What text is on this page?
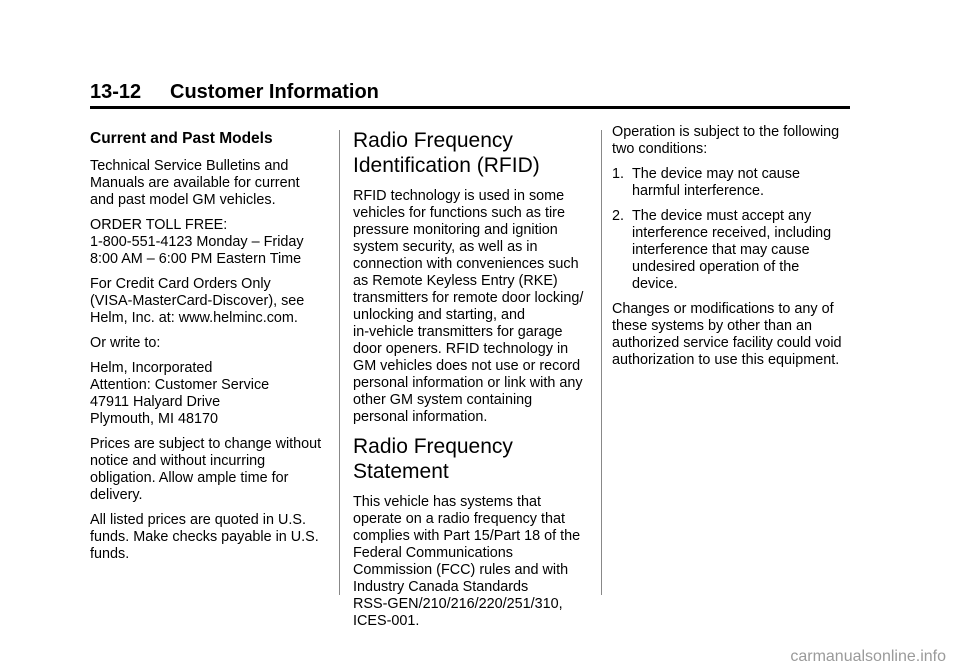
13-12 Customer Information
Current and Past Models

Technical Service Bulletins and
Manuals are available for current
and past model GM vehicles.

ORDER TOLL FREE:
1-800-551-4123 Monday – Friday
8:00 AM – 6:00 PM Eastern Time

For Credit Card Orders Only
(VISA-MasterCard-Discover), see
Helm, Inc. at: www.helminc.com.

Or write to:

Helm, Incorporated
Attention: Customer Service
47911 Halyard Drive
Plymouth, MI 48170

Prices are subject to change without
notice and without incurring
obligation. Allow ample time for
delivery.

All listed prices are quoted in U.S.
funds. Make checks payable in U.S.
funds.

Radio Frequency
Identification (RFID)

RFID technology is used in some
vehicles for functions such as tire
pressure monitoring and ignition
system security, as well as in
connection with conveniences such
as Remote Keyless Entry (RKE)
transmitters for remote door locking/
unlocking and starting, and
in-vehicle transmitters for garage
door openers. RFID technology in
GM vehicles does not use or record
personal information or link with any
other GM system containing
personal information.

Radio Frequency
Statement

This vehicle has systems that
operate on a radio frequency that
complies with Part 15/Part 18 of the
Federal Communications
Commission (FCC) rules and with
Industry Canada Standards
RSS-GEN/210/216/220/251/310,
ICES-001.

Operation is subject to the following
two conditions:

1. The device may not cause
harmful interference.
2. The device must accept any
interference received, including
interference that may cause
undesired operation of the
device.

Changes or modifications to any of
these systems by other than an
authorized service facility could void
authorization to use this equipment.

carmanualsonline.info
